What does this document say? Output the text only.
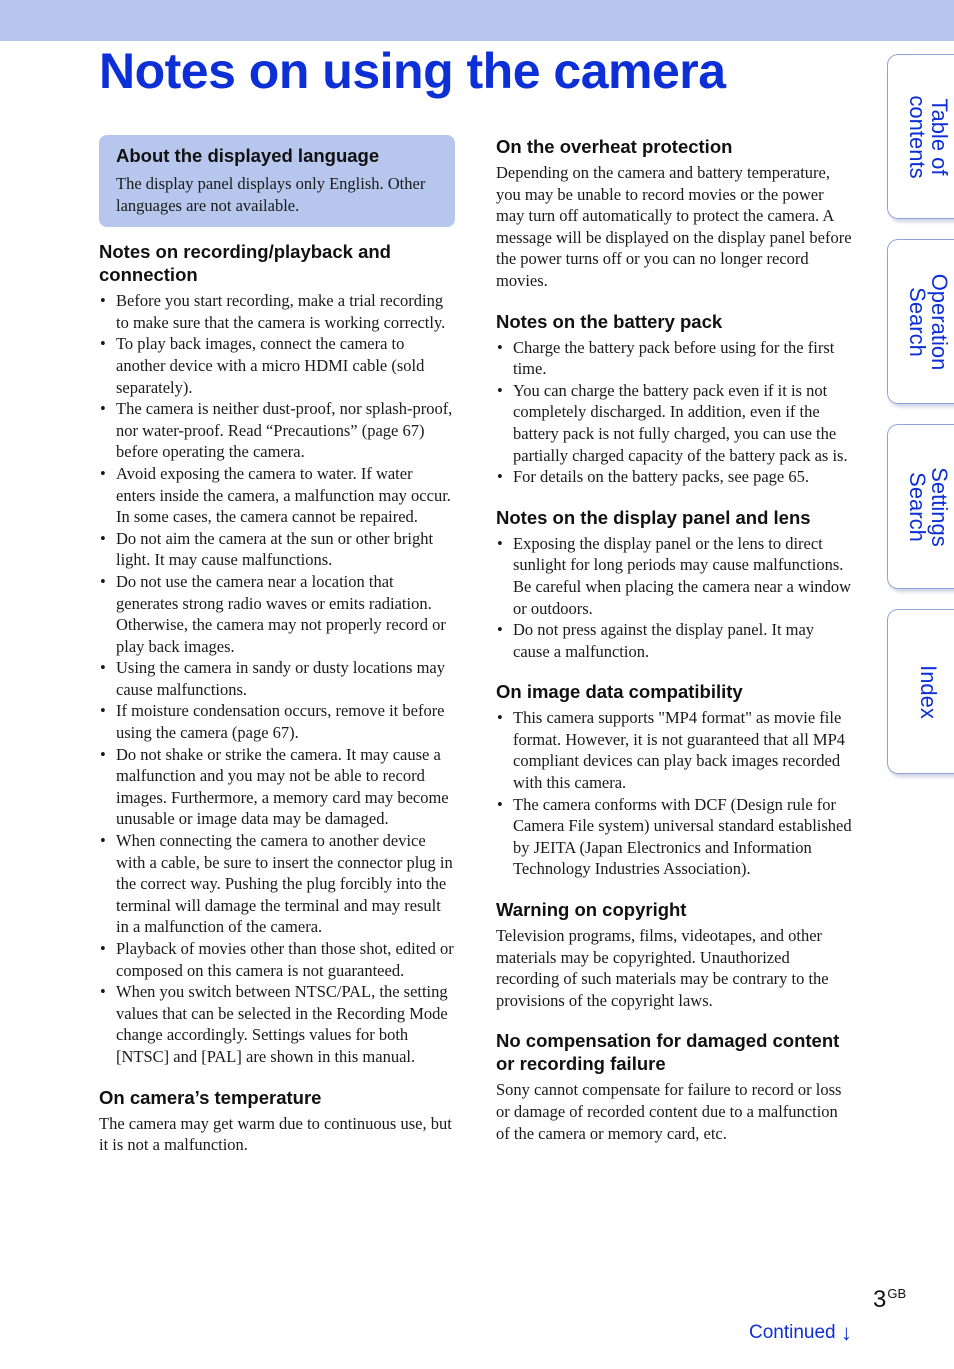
Notes on using the camera

Table of
contents

Operation
Search

Settings
Search

Index

About the displayed language

The display panel displays only English. Other languages are not available.

Notes on recording/playback and connection
• Before you start recording, make a trial recording to make sure that the camera is working correctly.
• To play back images, connect the camera to another device with a micro HDMI cable (sold separately).
• The camera is neither dust-proof, nor splash-proof, nor water-proof. Read “Precautions” (page 67) before operating the camera.
• Avoid exposing the camera to water. If water enters inside the camera, a malfunction may occur. In some cases, the camera cannot be repaired.
• Do not aim the camera at the sun or other bright light. It may cause malfunctions.
• Do not use the camera near a location that generates strong radio waves or emits radiation. Otherwise, the camera may not properly record or play back images.
• Using the camera in sandy or dusty locations may cause malfunctions.
• If moisture condensation occurs, remove it before using the camera (page 67).
• Do not shake or strike the camera. It may cause a malfunction and you may not be able to record images. Furthermore, a memory card may become unusable or image data may be damaged.
• When connecting the camera to another device with a cable, be sure to insert the connector plug in the correct way. Pushing the plug forcibly into the terminal will damage the terminal and may result in a malfunction of the camera.
• Playback of movies other than those shot, edited or composed on this camera is not guaranteed.
• When you switch between NTSC/PAL, the setting values that can be selected in the Recording Mode change accordingly. Settings values for both [NTSC] and [PAL] are shown in this manual.
On camera’s temperature

The camera may get warm due to continuous use, but it is not a malfunction.

On the overheat protection

Depending on the camera and battery temperature, you may be unable to record movies or the power may turn off automatically to protect the camera. A message will be displayed on the display panel before the power turns off or you can no longer record movies.

Notes on the battery pack
• Charge the battery pack before using for the first time.
• You can charge the battery pack even if it is not completely discharged. In addition, even if the battery pack is not fully charged, you can use the partially charged capacity of the battery pack as is.
• For details on the battery packs, see page 65.
Notes on the display panel and lens
• Exposing the display panel or the lens to direct sunlight for long periods may cause malfunctions. Be careful when placing the camera near a window or outdoors.
• Do not press against the display panel. It may cause a malfunction.
On image data compatibility
• This camera supports "MP4 format" as movie file format. However, it is not guaranteed that all MP4 compliant devices can play back images recorded with this camera.
• The camera conforms with DCF (Design rule for Camera File system) universal standard established by JEITA (Japan Electronics and Information Technology Industries Association).
Warning on copyright

Television programs, films, videotapes, and other materials may be copyrighted. Unauthorized recording of such materials may be contrary to the provisions of the copyright laws.

No compensation for damaged content or recording failure

Sony cannot compensate for failure to record or loss or damage of recorded content due to a malfunction of the camera or memory card, etc.

$3^{GB}$
Continued ↓
